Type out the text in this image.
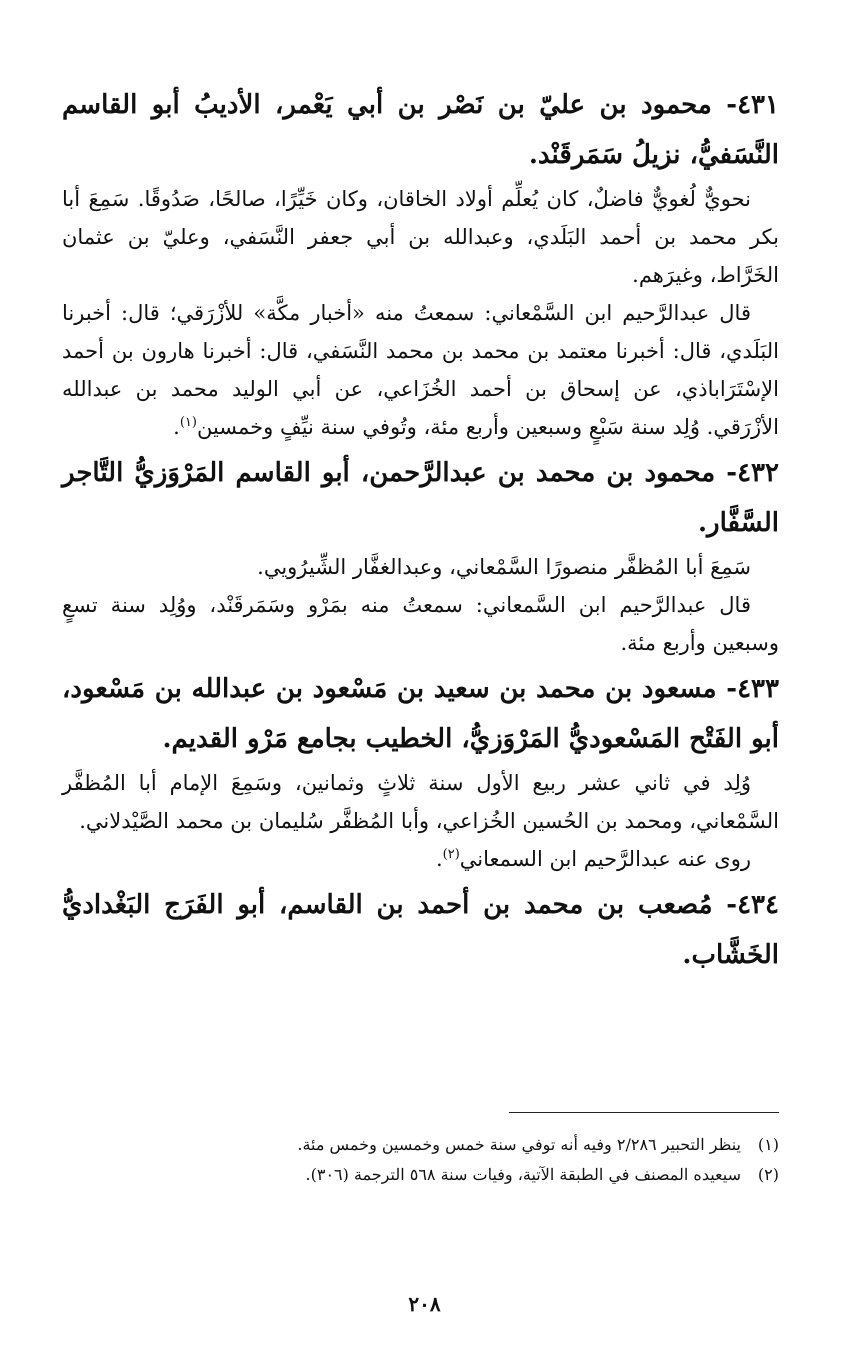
٤٣١- محمود بن عليّ بن نَصْر بن أبي يَعْمر، الأديبُ أبو القاسم النَّسَفيُّ، نزيلُ سَمَرقَنْد.

نحويٌّ لُغويٌّ فاضلٌ، كان يُعلِّم أولاد الخاقان، وكان خَيِّرًا، صالحًا، صَدُوقًا. سَمِعَ أبا بكر محمد بن أحمد البَلَدي، وعبدالله بن أبي جعفر النَّسَفي، وعليّ بن عثمان الخَرَّاط، وغيرَهم.

قال عبدالرَّحيم ابن السَّمْعاني: سمعتُ منه «أخبار مكَّة» للأزْرَقي؛ قال: أخبرنا البَلَدي، قال: أخبرنا معتمد بن محمد بن محمد النَّسَفي، قال: أخبرنا هارون بن أحمد الإسْتَرَاباذي، عن إسحاق بن أحمد الخُزَاعي، عن أبي الوليد محمد بن عبدالله الأزْرَقي. وُلِد سنة سَبْعٍ وسبعين وأربع مئة، وتُوفي سنة نيِّفٍ وخمسين$^{(١)}$.

٤٣٢- محمود بن محمد بن عبدالرَّحمن، أبو القاسم المَرْوَزيُّ التَّاجر السَّفَّار.

سَمِعَ أبا المُظفَّر منصورًا السَّمْعاني، وعبدالغفَّار الشِّيرُويي.

قال عبدالرَّحيم ابن السَّمعاني: سمعتُ منه بمَرْو وسَمَرقَنْد، ووُلِد سنة تسعٍ وسبعين وأربع مئة.

٤٣٣- مسعود بن محمد بن سعيد بن مَسْعود بن عبدالله بن مَسْعود، أبو الفَتْح المَسْعوديُّ المَرْوَزيُّ، الخطيب بجامع مَرْو القديم.

وُلِد في ثاني عشر ربيع الأول سنة ثلاثٍ وثمانين، وسَمِعَ الإمام أبا المُظفَّر السَّمْعاني، ومحمد بن الحُسين الخُزاعي، وأبا المُظفَّر سُليمان بن محمد الصَّيْدلاني.

روى عنه عبدالرَّحيم ابن السمعاني$^{(٢)}$.

٤٣٤- مُصعب بن محمد بن أحمد بن القاسم، أبو الفَرَج البَغْداديُّ الخَشَّاب.

(١)ينظر التحبير ٢/٢٨٦ وفيه أنه توفي سنة خمس وخمسين وخمس مئة.

(٢)سيعيده المصنف في الطبقة الآتية، وفيات سنة ٥٦٨ الترجمة (٣٠٦).

٢٠٨
